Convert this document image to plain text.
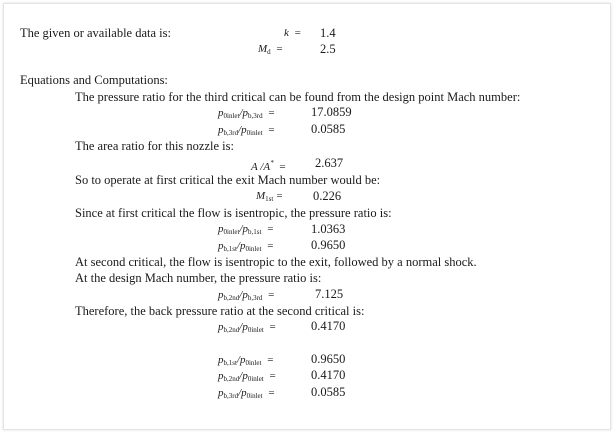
The given or available data is:	k = 1.4
$M_d$ =	2.5
Equations and Computations:
The pressure ratio for the third critical can be found from the design point Mach number:
$p_{0inlet}/p_{b,3rd}$ =	17.0859
$p_{b,3rd}/p_{0inlet}$ =	0.0585
The area ratio for this nozzle is:
A /A* = 2.637
So to operate at first critical the exit Mach number would be:
$M_{1st} = 0.226$
Since at first critical the flow is isentropic, the pressure ratio is:
$p_{0inlet}/p_{b,1st}$ =	1.0363
$p_{b,1st}/p_{0inlet}$ =	0.9650
At second critical, the flow is isentropic to the exit, followed by a normal shock.
At the design Mach number, the pressure ratio is:
$p_{b,2nd}/p_{b,3rd}$ =	7.125
Therefore, the back pressure ratio at the second critical is:
$p_{b,2nd}/p_{0inlet}$ =	0.4170
$p_{b,1st}/p_{0inlet}$ =	0.9650
$p_{b,2nd}/p_{0inlet}$ =	0.4170
$p_{b,3rd}/p_{0inlet}$ =	0.0585
